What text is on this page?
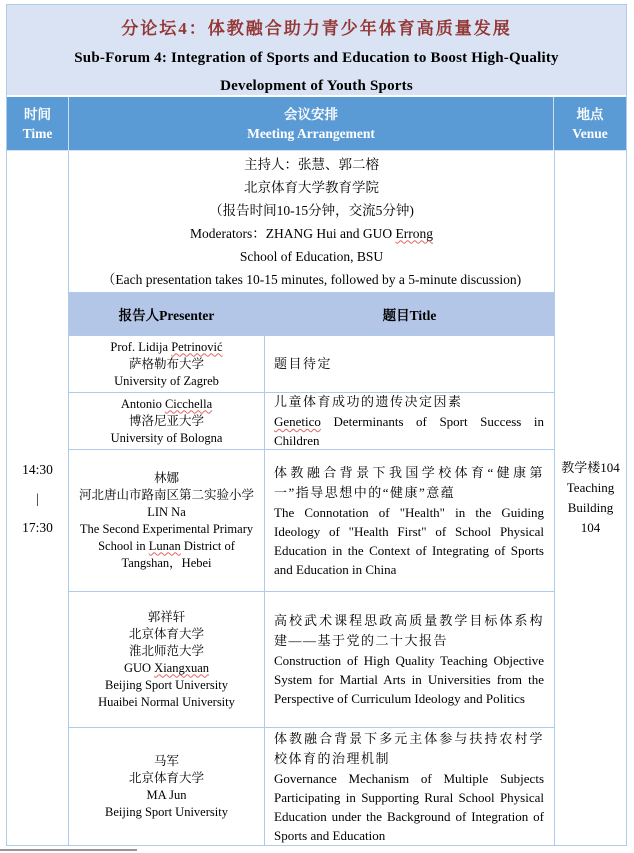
分论坛4：体教融合助力青少年体育高质量发展
Sub-Forum 4: Integration of Sports and Education to Boost High-Quality
Development of Youth Sports
时间
Time
会议安排
Meeting Arrangement
地点
Venue
14:30
|
17:30
主持人：张慧、郭二榕
北京体育大学教育学院
（报告时间10-15分钟，交流5分钟)
Moderators：ZHANG Hui and GUO Errong
School of Education, BSU
（Each presentation takes 10-15 minutes, followed by a 5-minute discussion)
报告人Presenter	题目Title
Prof. Lidija Petrinović
萨格勒布大学
University of Zagreb
题目待定
Antonio Cicchella
博洛尼亚大学
University of Bologna
儿童体育成功的遗传决定因素
Genetico Determinants of Sport Success in Children
林娜
河北唐山市路南区第二实验小学
LIN Na
The Second Experimental Primary School in Lunan District of Tangshan，Hebei
体教融合背景下我国学校体育“健康第一”指导思想中的“健康”意蕴
The Connotation of "Health" in the Guiding Ideology of "Health First" of School Physical Education in the Context of Integrating of Sports and Education in China
郭祥轩
北京体育大学
淮北师范大学
GUO Xiangxuan
Beijing Sport University
Huaibei Normal University
高校武术课程思政高质量教学目标体系构建——基于党的二十大报告
Construction of High Quality Teaching Objective System for Martial Arts in Universities from the Perspective of Curriculum Ideology and Politics
马军
北京体育大学
MA Jun
Beijing Sport University
体教融合背景下多元主体参与扶持农村学校体育的治理机制
Governance Mechanism of Multiple Subjects Participating in Supporting Rural School Physical Education under the Background of Integration of Sports and Education
教学楼104
Teaching Building 104
